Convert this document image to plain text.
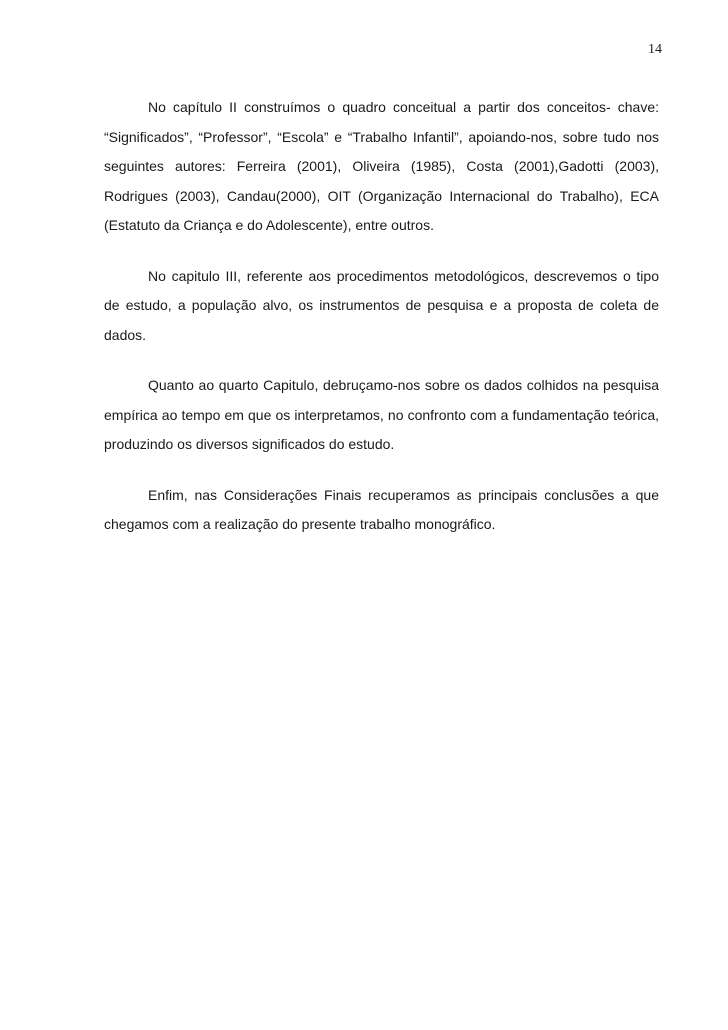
14

No capítulo II construímos o quadro conceitual a partir dos conceitos- chave: “Significados”, “Professor”, “Escola” e “Trabalho Infantil”, apoiando-nos, sobre tudo nos seguintes autores: Ferreira (2001), Oliveira (1985), Costa (2001),Gadotti (2003), Rodrigues (2003), Candau(2000), OIT (Organização Internacional do Trabalho), ECA (Estatuto da Criança e do Adolescente), entre outros.

No capitulo III, referente aos procedimentos metodológicos, descrevemos o tipo de estudo, a população alvo, os instrumentos de pesquisa e a proposta de coleta de dados.

Quanto ao quarto Capitulo, debruçamo-nos sobre os dados colhidos na pesquisa empírica ao tempo em que os interpretamos, no confronto com a fundamentação teórica, produzindo os diversos significados do estudo.

Enfim, nas Considerações Finais recuperamos as principais conclusões a que chegamos com a realização do presente trabalho monográfico.
